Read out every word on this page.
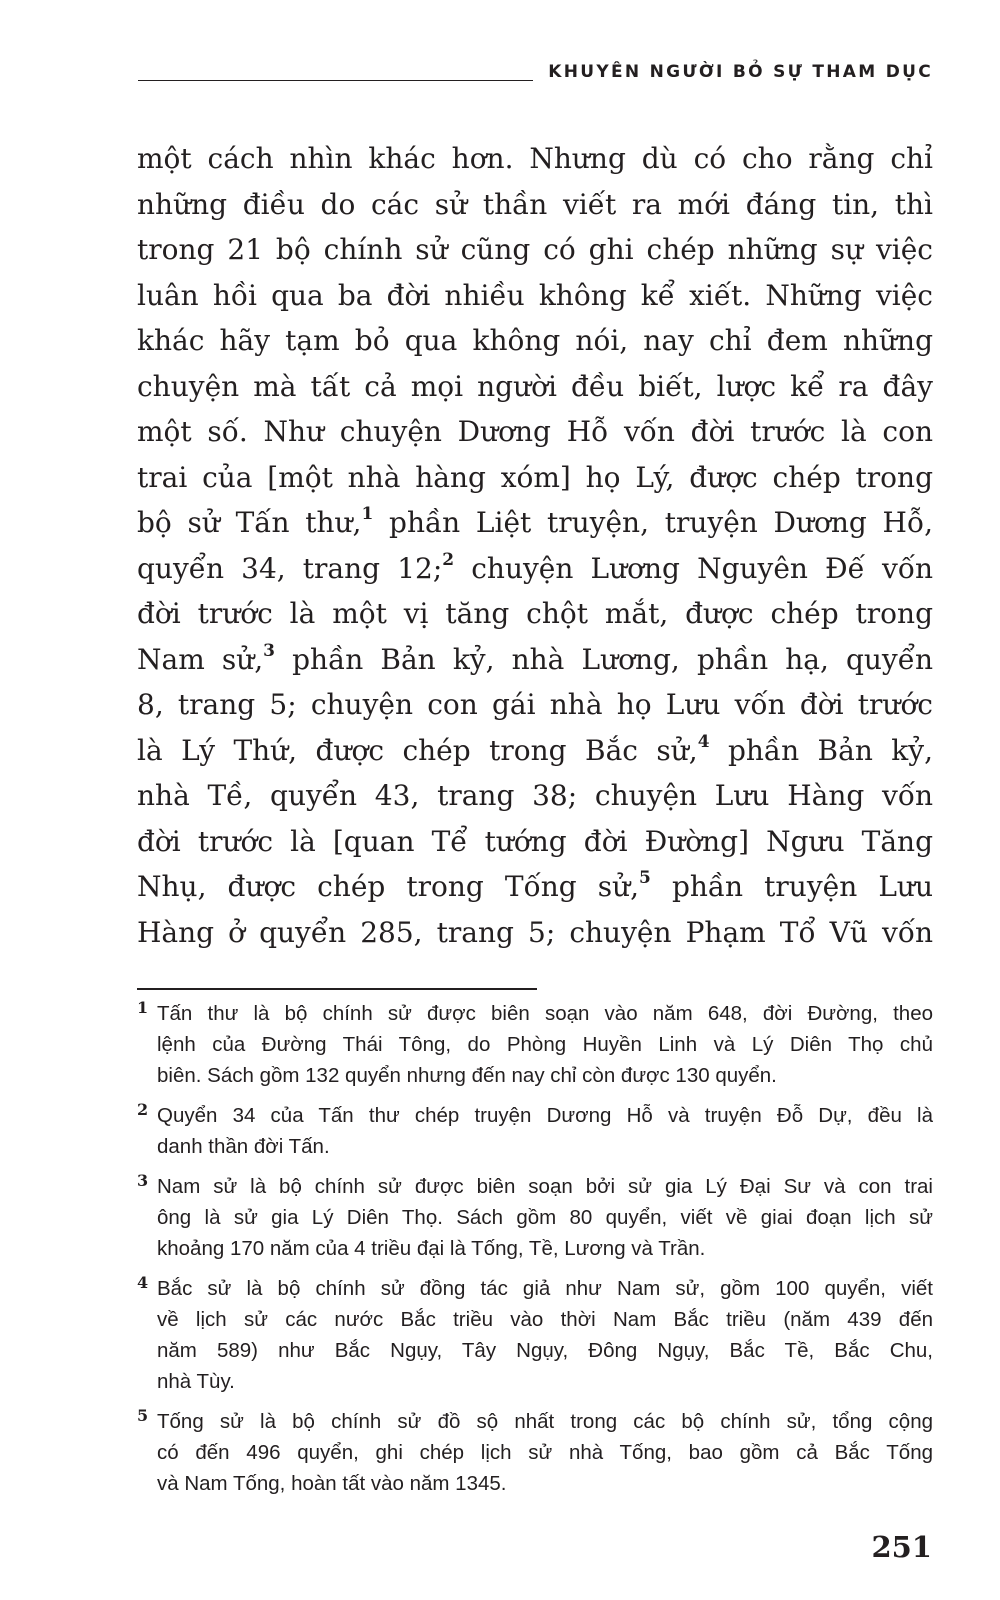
KHUYÊN NGƯỜI BỎ SỰ THAM DỤC
một cách nhìn khác hơn. Nhưng dù có cho rằng chỉ
những điều do các sử thần viết ra mới đáng tin, thì
trong 21 bộ chính sử cũng có ghi chép những sự việc
luân hồi qua ba đời nhiều không kể xiết. Những việc
khác hãy tạm bỏ qua không nói, nay chỉ đem những
chuyện mà tất cả mọi người đều biết, lược kể ra đây
một số. Như chuyện Dương Hỗ vốn đời trước là con
trai của [một nhà hàng xóm] họ Lý, được chép trong
bộ sử Tấn thư,$^1$ phần Liệt truyện, truyện Dương Hỗ,
quyển 34, trang 12;$^2$ chuyện Lương Nguyên Đế vốn
đời trước là một vị tăng chột mắt, được chép trong
Nam sử,$^3$ phần Bản kỷ, nhà Lương, phần hạ, quyển
8, trang 5; chuyện con gái nhà họ Lưu vốn đời trước
là Lý Thứ, được chép trong Bắc sử,$^4$ phần Bản kỷ,
nhà Tề, quyển 43, trang 38; chuyện Lưu Hàng vốn
đời trước là [quan Tể tướng đời Đường] Ngưu Tăng
Nhụ, được chép trong Tống sử,$^5$ phần truyện Lưu
Hàng ở quyển 285, trang 5; chuyện Phạm Tổ Vũ vốn
1 Tấn thư là bộ chính sử được biên soạn vào năm 648, đời Đường, theo
lệnh của Đường Thái Tông, do Phòng Huyền Linh và Lý Diên Thọ chủ
biên. Sách gồm 132 quyển nhưng đến nay chỉ còn được 130 quyển.
2 Quyển 34 của Tấn thư chép truyện Dương Hỗ và truyện Đỗ Dự, đều là
danh thần đời Tấn.
3 Nam sử là bộ chính sử được biên soạn bởi sử gia Lý Đại Sư và con trai
ông là sử gia Lý Diên Thọ. Sách gồm 80 quyển, viết về giai đoạn lịch sử
khoảng 170 năm của 4 triều đại là Tống, Tề, Lương và Trần.
4 Bắc sử là bộ chính sử đồng tác giả như Nam sử, gồm 100 quyển, viết
về lịch sử các nước Bắc triều vào thời Nam Bắc triều (năm 439 đến
năm 589) như Bắc Ngụy, Tây Ngụy, Đông Ngụy, Bắc Tề, Bắc Chu,
nhà Tùy.
5 Tống sử là bộ chính sử đồ sộ nhất trong các bộ chính sử, tổng cộng
có đến 496 quyển, ghi chép lịch sử nhà Tống, bao gồm cả Bắc Tống
và Nam Tống, hoàn tất vào năm 1345.
251
